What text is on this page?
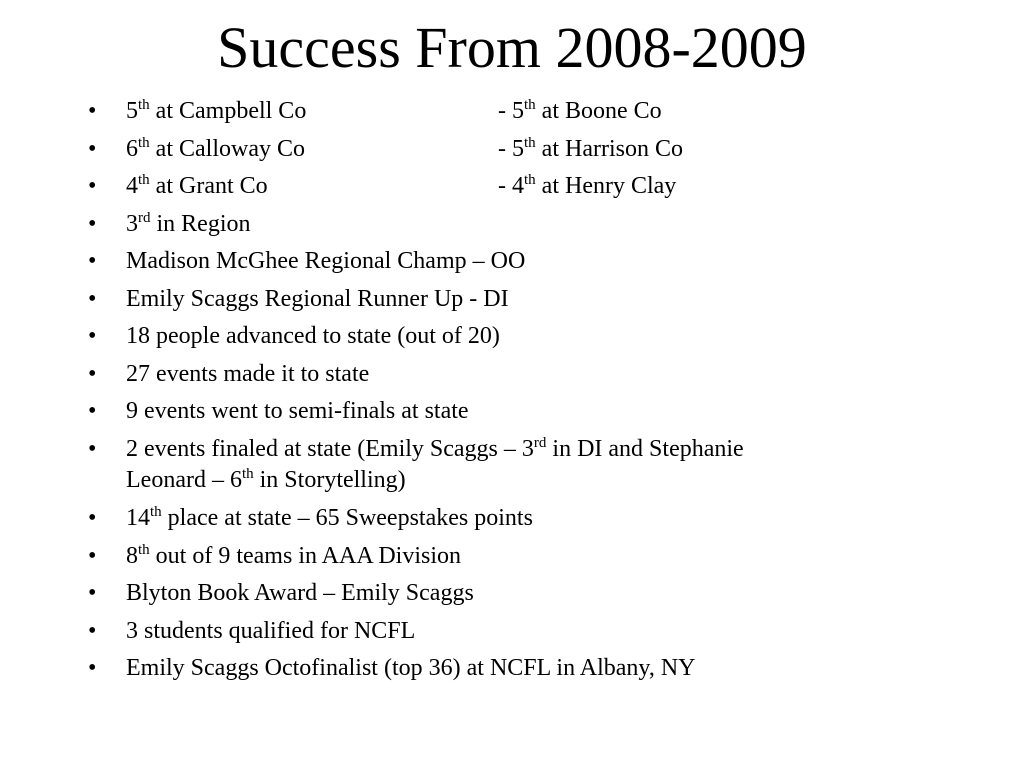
Success From 2008-2009
• 5th at Campbell Co	- 5th at Boone Co
• 6th at Calloway Co	- 5th at Harrison Co
• 4th at Grant Co	- 4th at Henry Clay
• 3rd in Region
• Madison McGhee Regional Champ – OO
• Emily Scaggs Regional Runner Up - DI
• 18 people advanced to state (out of 20)
• 27 events made it to state
• 9 events went to semi-finals at state
• 2 events finaled at state (Emily Scaggs – 3rd in DI and Stephanie
Leonard – 6th in Storytelling)
• 14th place at state – 65 Sweepstakes points
• 8th out of 9 teams in AAA Division
• Blyton Book Award – Emily Scaggs
• 3 students qualified for NCFL
• Emily Scaggs Octofinalist (top 36) at NCFL in Albany, NY
